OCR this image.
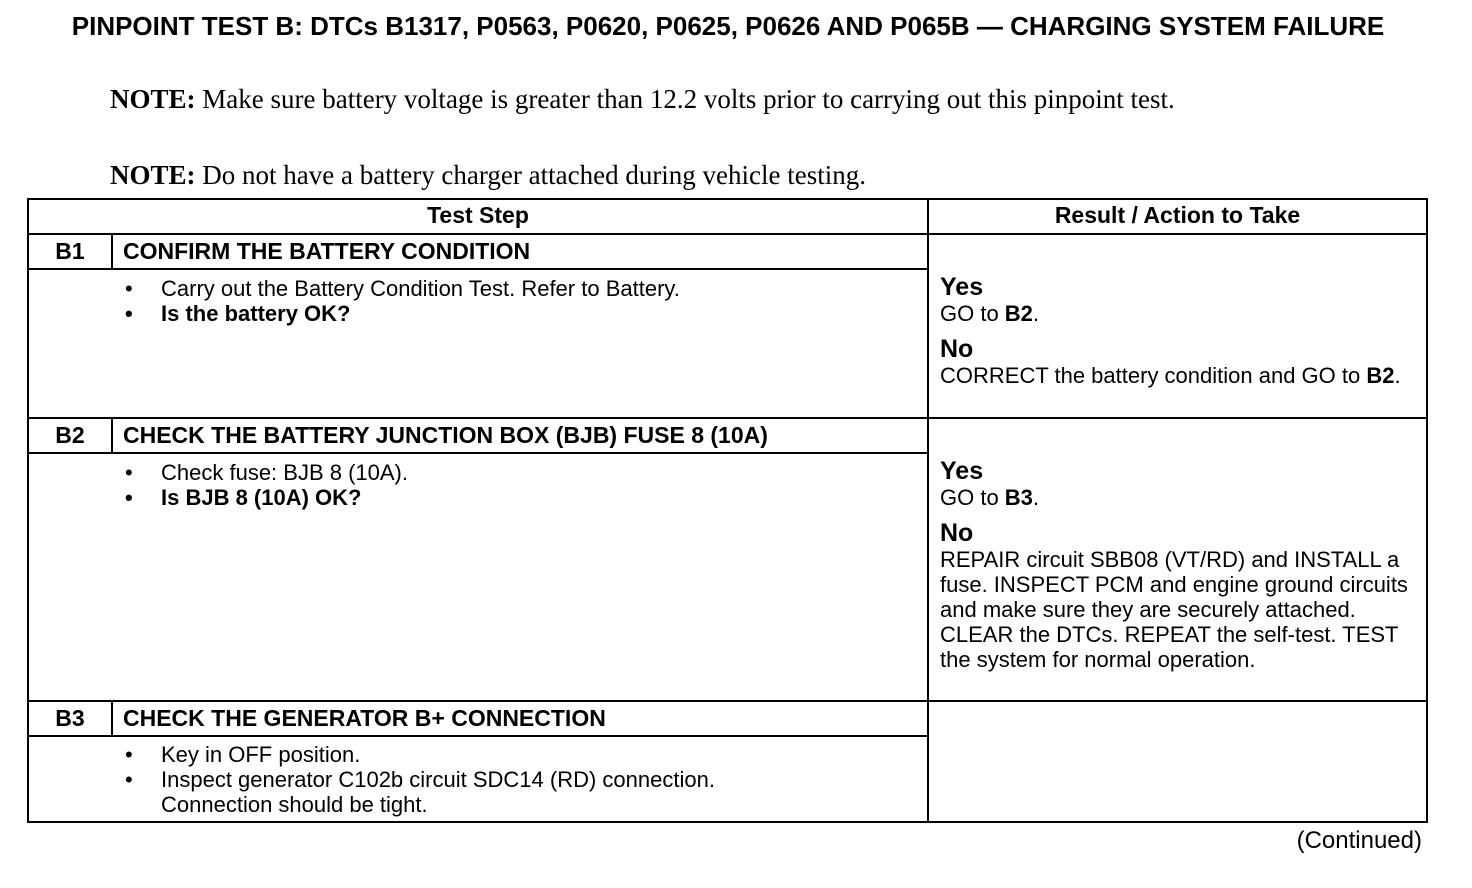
PINPOINT TEST B: DTCs B1317, P0563, P0620, P0625, P0626 AND P065B — CHARGING SYSTEM FAILURE
NOTE: Make sure battery voltage is greater than 12.2 volts prior to carrying out this pinpoint test.
NOTE: Do not have a battery charger attached during vehicle testing.
Test Step	Result / Action to Take
B1	CONFIRM THE BATTERY CONDITION
• Carry out the Battery Condition Test. Refer to Battery.
• Is the battery OK?
Yes
GO to B2.
No
CORRECT the battery condition and GO to B2.
B2	CHECK THE BATTERY JUNCTION BOX (BJB) FUSE 8 (10A)
• Check fuse: BJB 8 (10A).
• Is BJB 8 (10A) OK?
Yes
GO to B3.
No
REPAIR circuit SBB08 (VT/RD) and INSTALL a fuse. INSPECT PCM and engine ground circuits and make sure they are securely attached. CLEAR the DTCs. REPEAT the self-test. TEST the system for normal operation.
B3	CHECK THE GENERATOR B+ CONNECTION
• Key in OFF position.
• Inspect generator C102b circuit SDC14 (RD) connection. Connection should be tight.
(Continued)
